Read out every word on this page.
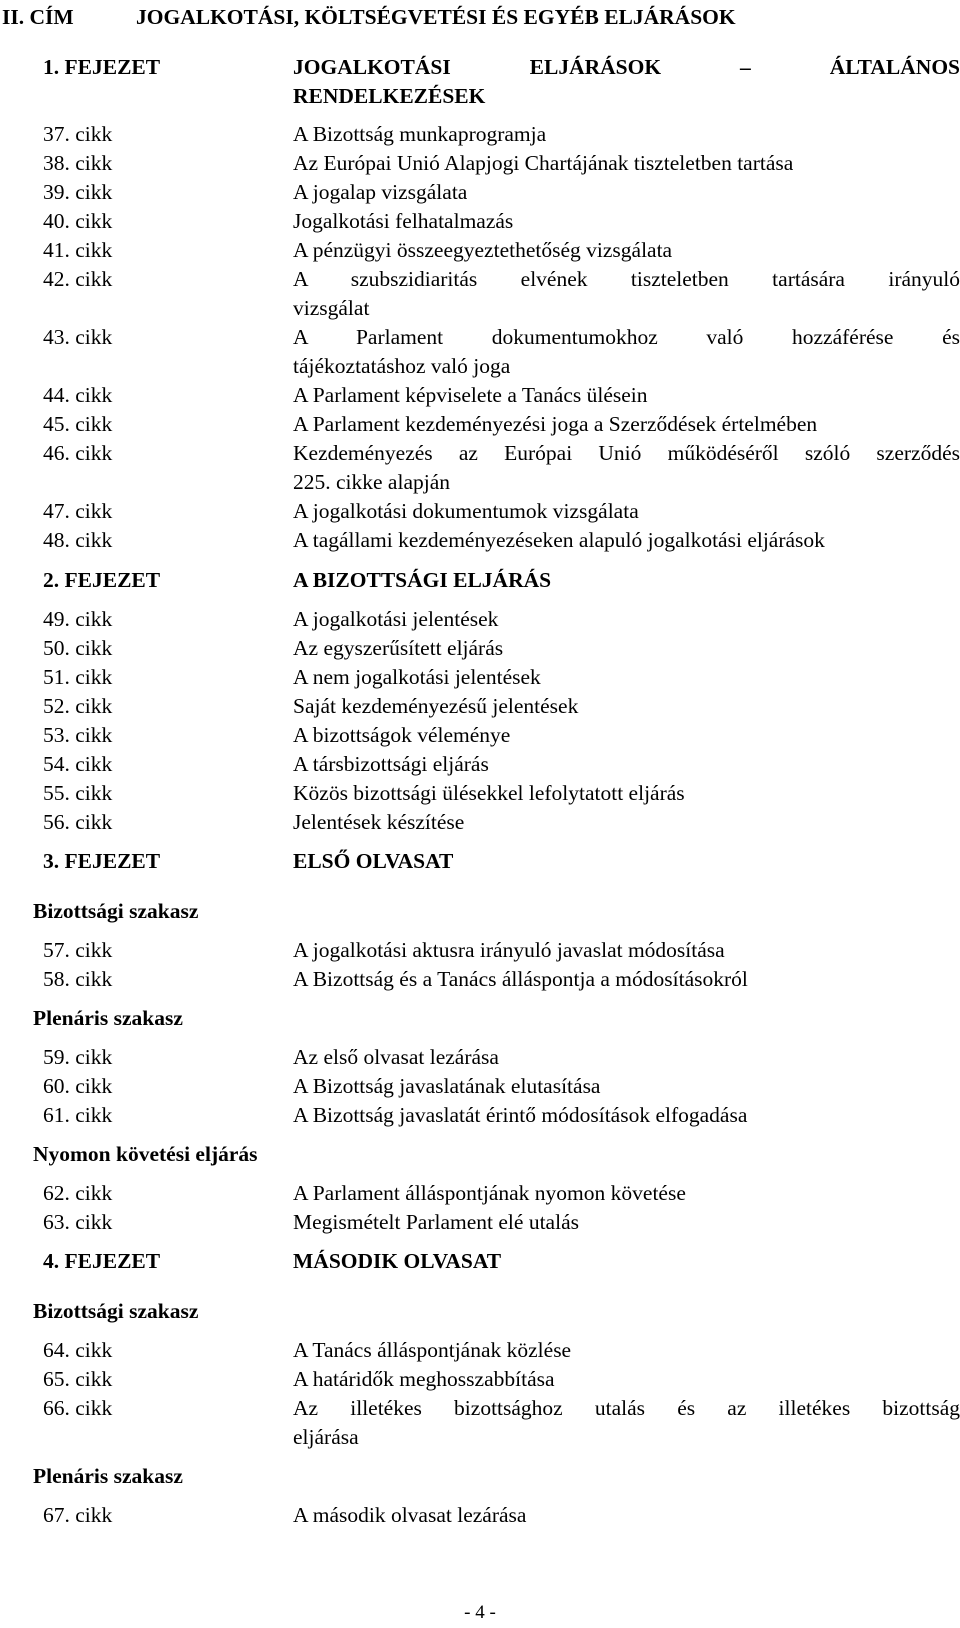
II. CÍM	JOGALKOTÁSI, KÖLTSÉGVETÉSI ÉS EGYÉB ELJÁRÁSOK
1. FEJEZET	JOGALKOTÁSI ELJÁRÁSOK – ÁLTALÁNOS
RENDELKEZÉSEK
37. cikk	A Bizottság munkaprogramja
38. cikk	Az Európai Unió Alapjogi Chartájának tiszteletben tartása
39. cikk	A jogalap vizsgálata
40. cikk	Jogalkotási felhatalmazás
41. cikk	A pénzügyi összeegyeztethetőség vizsgálata
42. cikk	A szubszidiaritás elvének tiszteletben tartására irányuló
vizsgálat
43. cikk	A Parlament dokumentumokhoz való hozzáférése és
tájékoztatáshoz való joga
44. cikk	A Parlament képviselete a Tanács ülésein
45. cikk	A Parlament kezdeményezési joga a Szerződések értelmében
46. cikk	Kezdeményezés az Európai Unió működéséről szóló szerződés
225. cikke alapján
47. cikk	A jogalkotási dokumentumok vizsgálata
48. cikk	A tagállami kezdeményezéseken alapuló jogalkotási eljárások
2. FEJEZET	A BIZOTTSÁGI ELJÁRÁS
49. cikk	A jogalkotási jelentések
50. cikk	Az egyszerűsített eljárás
51. cikk	A nem jogalkotási jelentések
52. cikk	Saját kezdeményezésű jelentések
53. cikk	A bizottságok véleménye
54. cikk	A társbizottsági eljárás
55. cikk	Közös bizottsági ülésekkel lefolytatott eljárás
56. cikk	Jelentések készítése
3. FEJEZET	ELSŐ OLVASAT
Bizottsági szakasz
57. cikk	A jogalkotási aktusra irányuló javaslat módosítása
58. cikk	A Bizottság és a Tanács álláspontja a módosításokról
Plenáris szakasz
59. cikk	Az első olvasat lezárása
60. cikk	A Bizottság javaslatának elutasítása
61. cikk	A Bizottság javaslatát érintő módosítások elfogadása
Nyomon követési eljárás
62. cikk	A Parlament álláspontjának nyomon követése
63. cikk	Megismételt Parlament elé utalás
4. FEJEZET	MÁSODIK OLVASAT
Bizottsági szakasz
64. cikk	A Tanács álláspontjának közlése
65. cikk	A határidők meghosszabbítása
66. cikk	Az illetékes bizottsághoz utalás és az illetékes bizottság
eljárása
Plenáris szakasz
67. cikk	A második olvasat lezárása
- 4 -
